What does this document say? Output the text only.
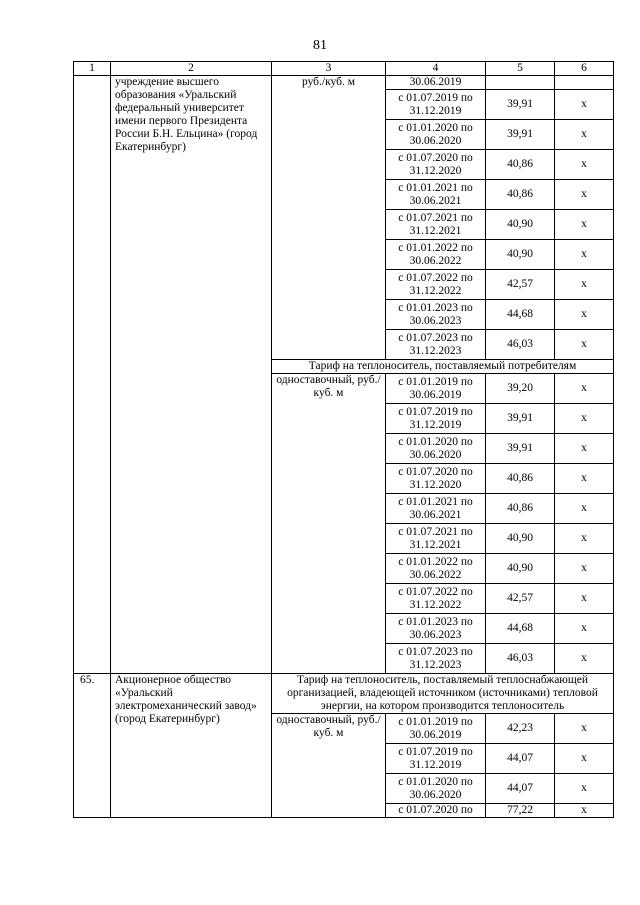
81
1	2	3	4	5	6
	учреждение высшего образования «Уральский федеральный университет имени первого Президента России Б.Н. Ельцина» (город Екатеринбург)	руб./куб. м	30.06.2019		
			с 01.07.2019 по 31.12.2019	39,91	х
			с 01.01.2020 по 30.06.2020	39,91	х
			с 01.07.2020 по 31.12.2020	40,86	х
			с 01.01.2021 по 30.06.2021	40,86	х
			с 01.07.2021 по 31.12.2021	40,90	х
			с 01.01.2022 по 30.06.2022	40,90	х
			с 01.07.2022 по 31.12.2022	42,57	х
			с 01.01.2023 по 30.06.2023	44,68	х
			с 01.07.2023 по 31.12.2023	46,03	х
		Тариф на теплоноситель, поставляемый потребителям			
		одноставочный, руб./куб. м	с 01.01.2019 по 30.06.2019	39,20	х
			с 01.07.2019 по 31.12.2019	39,91	х
			с 01.01.2020 по 30.06.2020	39,91	х
			с 01.07.2020 по 31.12.2020	40,86	х
			с 01.01.2021 по 30.06.2021	40,86	х
			с 01.07.2021 по 31.12.2021	40,90	х
			с 01.01.2022 по 30.06.2022	40,90	х
			с 01.07.2022 по 31.12.2022	42,57	х
			с 01.01.2023 по 30.06.2023	44,68	х
			с 01.07.2023 по 31.12.2023	46,03	х
65.	Акционерное общество «Уральский электромеханический завод» (город Екатеринбург)	Тариф на теплоноситель, поставляемый теплоснабжающей организацией, владеющей источником (источниками) тепловой энергии, на котором производится теплоноситель			
		одноставочный, руб./куб. м	с 01.01.2019 по 30.06.2019	42,23	х
			с 01.07.2019 по 31.12.2019	44,07	х
			с 01.01.2020 по 30.06.2020	44,07	х
			с 01.07.2020 по	77,22	х
